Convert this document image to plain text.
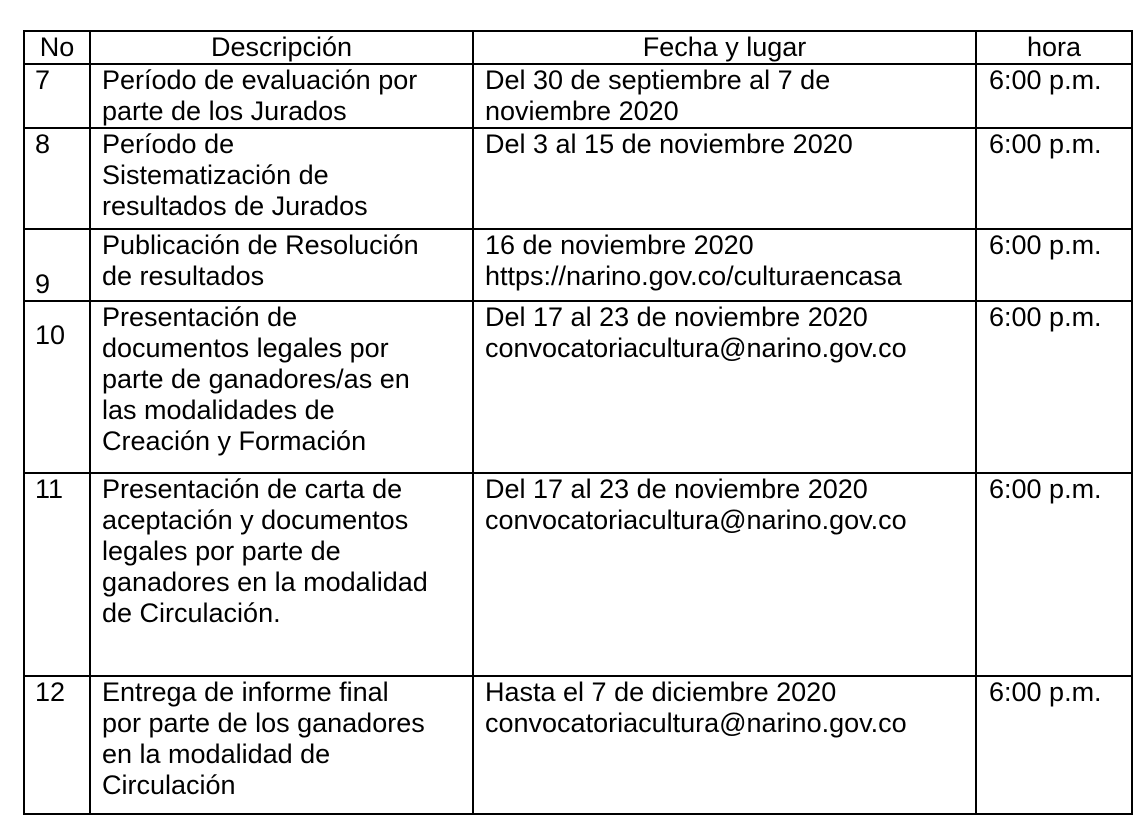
No	Descripción	Fecha y lugar	hora
7	Período de evaluación por
parte de los Jurados	Del 30 de septiembre al 7 de
noviembre 2020	6:00 p.m.
8	Período de
Sistematización de
resultados de Jurados	Del 3 al 15 de noviembre 2020	6:00 p.m.
9	Publicación de Resolución
de resultados	16 de noviembre 2020
https://narino.gov.co/culturaencasa	6:00 p.m.
10	Presentación de
documentos legales por
parte de ganadores/as en
las modalidades de
Creación y Formación	Del 17 al 23 de noviembre 2020
convocatoriacultura@narino.gov.co	6:00 p.m.
11	Presentación de carta de
aceptación y documentos
legales por parte de
ganadores en la modalidad
de Circulación.	Del 17 al 23 de noviembre 2020
convocatoriacultura@narino.gov.co	6:00 p.m.
12	Entrega de informe final
por parte de los ganadores
en la modalidad de
Circulación	Hasta el 7 de diciembre 2020
convocatoriacultura@narino.gov.co	6:00 p.m.
